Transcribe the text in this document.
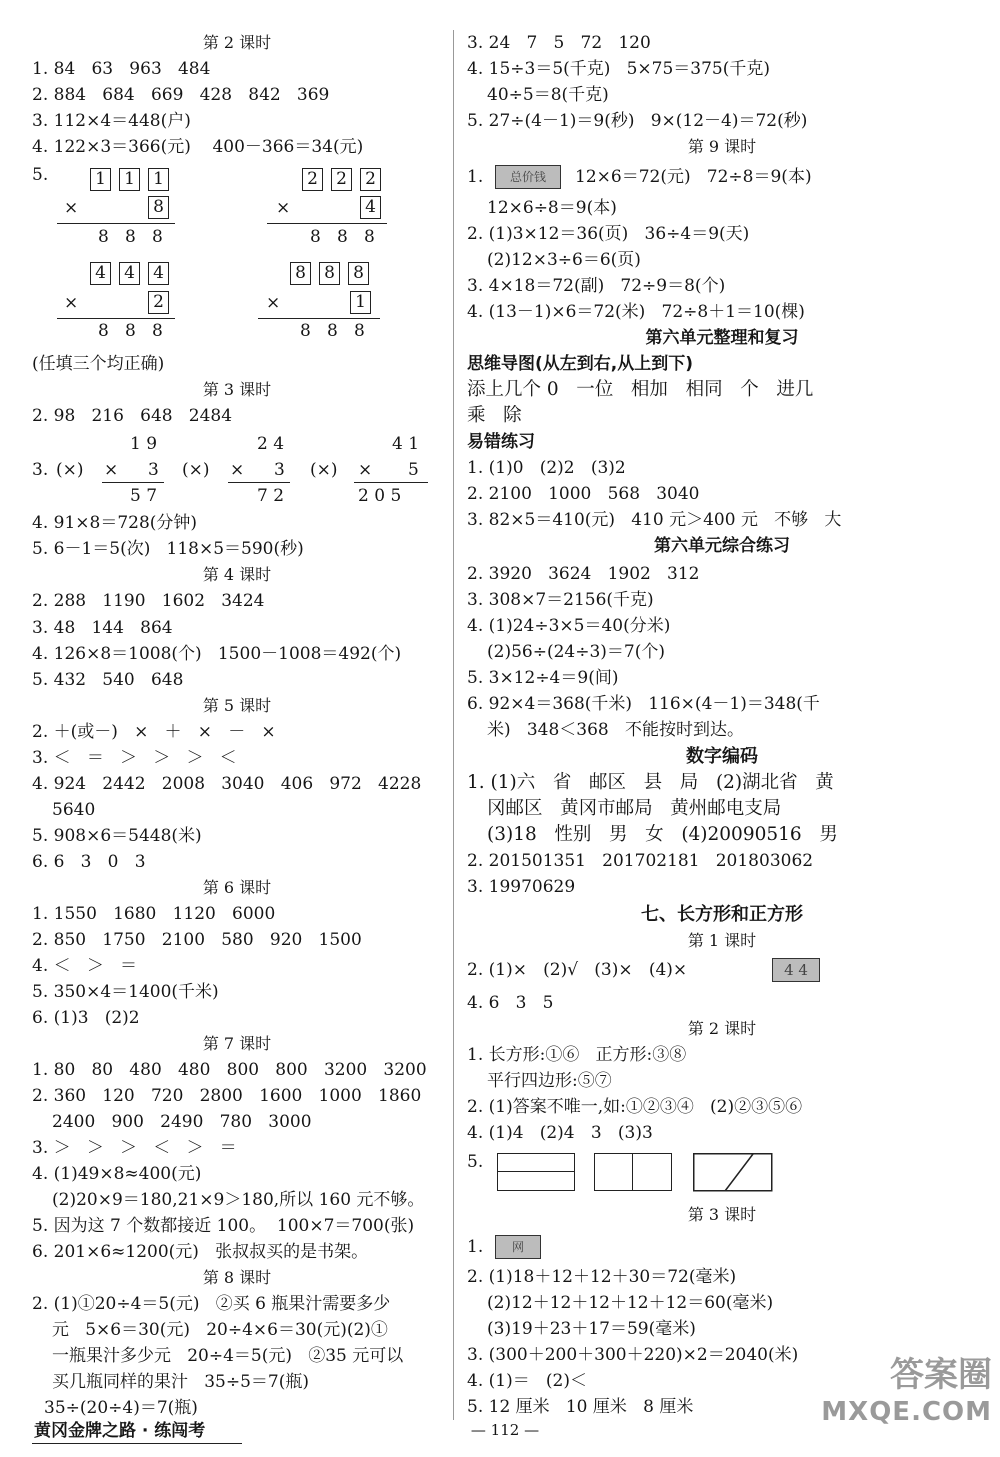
第 2 课时
1. 84   63   963   484
2. 884   684   669   428   842   369
3. 112×4＝448(户)
4. 122×3＝366(元)    400－366＝34(元)
5.	1 1 1
×	8
8   8   8
2 2 2
×	4
8   8   8
4 4 4
×	2
8   8   8
8 8 8
×	1
8   8   8
(任填三个均正确)
第 3 课时
2. 98   216   648   2484
3. (×)
1 9
× 3
5 7
(×)
2 4
× 3
7 2
(×)
4 1
× 5
2 0 5
4. 91×8＝728(分钟)
5. 6－1＝5(次)   118×5＝590(秒)
第 4 课时
2. 288   1190   1602   3424
3. 48   144   864
4. 126×8＝1008(个)   1500－1008＝492(个)
5. 432   540   648
第 5 课时
2. ＋(或－)   ×   ＋   ×   －   ×
3. ＜   ＝   ＞   ＞   ＞   ＜
4. 924   2442   2008   3040   406   972   4228
5640
5. 908×6＝5448(米)
6. 6   3   0   3
第 6 课时
1. 1550   1680   1120   6000
2. 850   1750   2100   580   920   1500
4. ＜   ＞   ＝
5. 350×4＝1400(千米)
6. (1)3   (2)2
第 7 课时
1. 80   80   480   480   800   800   3200   3200
2. 360   120   720   2800   1600   1000   1860
2400   900   2490   780   3000
3. ＞   ＞   ＞   ＜   ＞   ＝
4. (1)49×8≈400(元)
(2)20×9＝180,21×9＞180,所以 160 元不够。
5. 因为这 7 个数都接近 100。  100×7＝700(张)
6. 201×6≈1200(元)   张叔叔买的是书架。
第 8 课时
2. (1)①20÷4＝5(元)   ②买 6 瓶果汁需要多少
元   5×6＝30(元)   20÷4×6＝30(元)(2)①
一瓶果汁多少元   20÷4＝5(元)   ②35 元可以
买几瓶同样的果汁   35÷5＝7(瓶)
35÷(20÷4)＝7(瓶)
3. 24   7   5   72   120
4. 15÷3＝5(千克)   5×75＝375(千克)
40÷5＝8(千克)
5. 27÷(4－1)＝9(秒)   9×(12－4)＝72(秒)
第 9 课时
1.	总价钱	12×6＝72(元)   72÷8＝9(本)
12×6÷8＝9(本)
2. (1)3×12＝36(页)   36÷4＝9(天)
(2)12×3÷6＝6(页)
3. 4×18＝72(副)   72÷9＝8(个)
4. (13－1)×6＝72(米)   72÷8＋1＝10(棵)
第六单元整理和复习
思维导图(从左到右,从上到下)
添上几个 0   一位   相加   相同   个   进几
乘   除
易错练习
1. (1)0   (2)2   (3)2
2. 2100   1000   568   3040
3. 82×5＝410(元)   410 元＞400 元   不够   大
第六单元综合练习
2. 3920   3624   1902   312
3. 308×7＝2156(千克)
4. (1)24÷3×5＝40(分米)
(2)56÷(24÷3)＝7(个)
5. 3×12÷4＝9(间)
6. 92×4＝368(千米)   116×(4－1)＝348(千
米)   348＜368   不能按时到达。
数字编码
1. (1)六   省   邮区   县   局   (2)湖北省   黄
冈邮区   黄冈市邮局   黄州邮电支局
(3)18   性别   男   女   (4)20090516   男
2. 201501351   201702181   201803062
3. 19970629
七、长方形和正方形
第 1 课时
2. (1)×   (2)√   (3)×   (4)×	4 4
4. 6   3   5
第 2 课时
1. 长方形:①⑥   正方形:③⑧
平行四边形:⑤⑦
2. (1)答案不唯一,如:①②③④   (2)②③⑤⑥
4. (1)4   (2)4   3   (3)3
5.
第 3 课时
1.	网
2. (1)18＋12＋12＋30＝72(毫米)
(2)12＋12＋12＋12＋12＝60(毫米)
(3)19＋23＋17＝59(毫米)
3. (300＋200＋300＋220)×2＝2040(米)
4. (1)＝   (2)＜
5. 12 厘米   10 厘米   8 厘米
黄冈金牌之路 · 练闯考	— 112 —
答案圈
MXQE.COM
